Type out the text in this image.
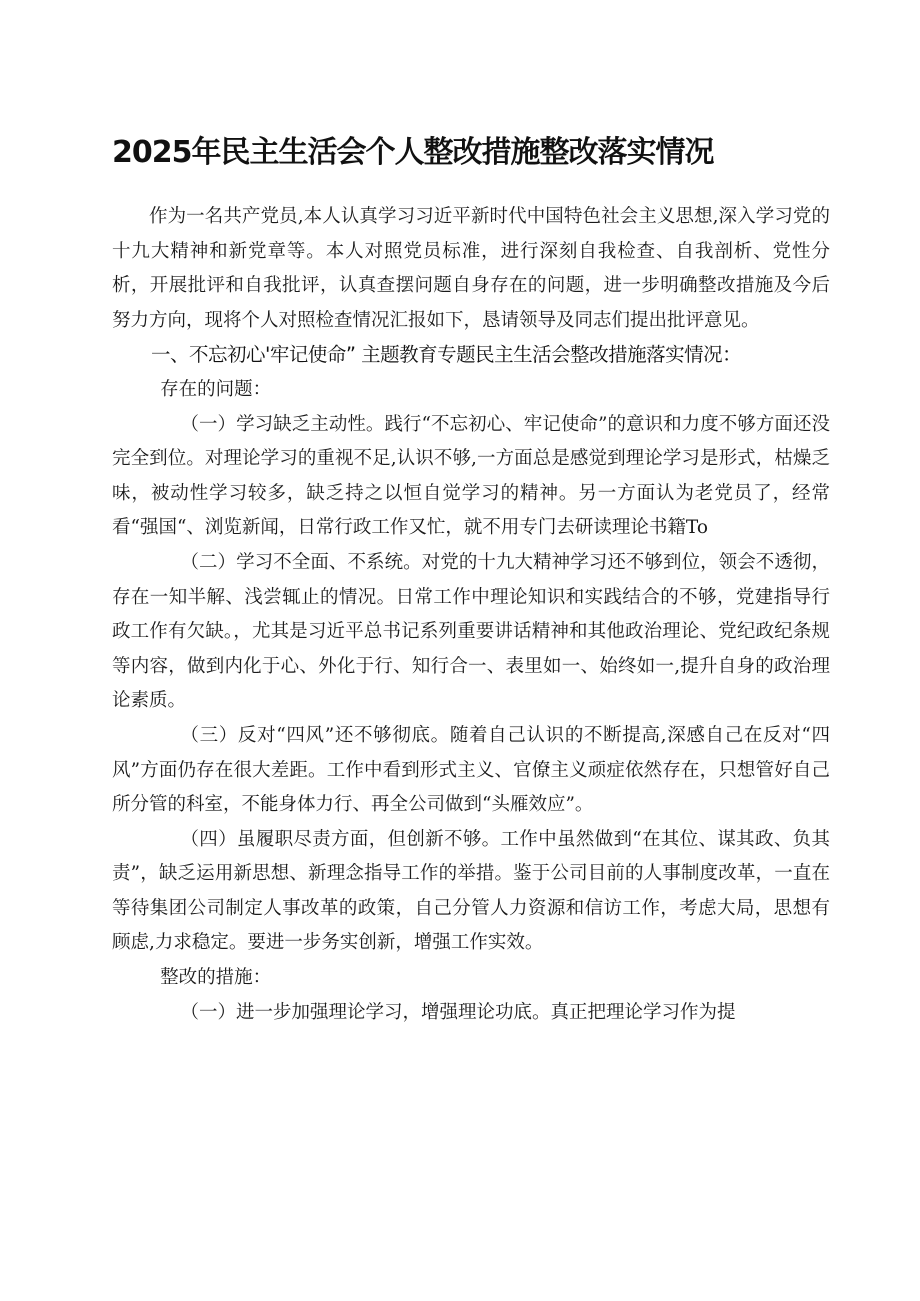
2025年民主生活会个人整改措施整改落实情况

作为一名共产党员,本人认真学习习近平新时代中国特色社会主义思想,深入学习党的十九大精神和新党章等。本人对照党员标准，进行深刻自我检查、自我剖析、党性分析，开展批评和自我批评，认真查摆问题自身存在的问题，进一步明确整改措施及今后努力方向，现将个人对照检查情况汇报如下，恳请领导及同志们提出批评意见。

一、不忘初心'牢记使命” 主题教育专题民主生活会整改措施落实情况：

存在的问题：

（一）学习缺乏主动性。践行“不忘初心、牢记使命”的意识和力度不够方面还没完全到位。对理论学习的重视不足,认识不够,一方面总是感觉到理论学习是形式，枯燥乏味，被动性学习较多，缺乏持之以恒自觉学习的精神。另一方面认为老党员了，经常看“强国“、浏览新闻，日常行政工作又忙，就不用专门去研读理论书籍To

（二）学习不全面、不系统。对党的十九大精神学习还不够到位，领会不透彻，存在一知半解、浅尝辄止的情况。日常工作中理论知识和实践结合的不够，党建指导行政工作有欠缺。，尤其是习近平总书记系列重要讲话精神和其他政治理论、党纪政纪条规等内容，做到内化于心、外化于行、知行合一、表里如一、始终如一,提升自身的政治理论素质。

（三）反对“四风”还不够彻底。随着自己认识的不断提高,深感自己在反对“四风”方面仍存在很大差距。工作中看到形式主义、官僚主义顽症依然存在，只想管好自己所分管的科室，不能身体力行、再全公司做到“头雁效应”。

（四）虽履职尽责方面，但创新不够。工作中虽然做到“在其位、谋其政、负其责”，缺乏运用新思想、新理念指导工作的举措。鉴于公司目前的人事制度改革，一直在等待集团公司制定人事改革的政策，自己分管人力资源和信访工作，考虑大局，思想有顾虑,力求稳定。要进一步务实创新，增强工作实效。

整改的措施：

（一）进一步加强理论学习，增强理论功底。真正把理论学习作为提
